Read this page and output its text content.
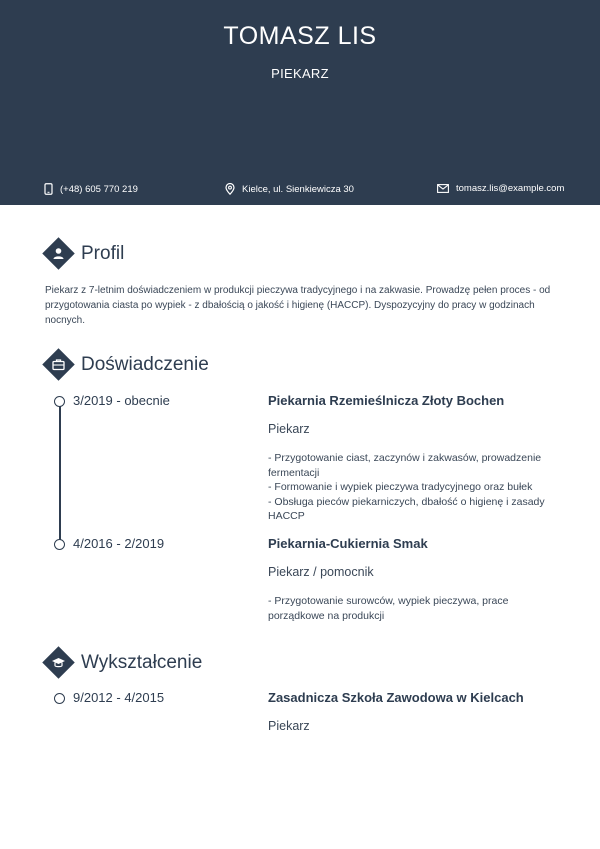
TOMASZ LIS
PIEKARZ
(+48) 605 770 219	Kielce, ul. Sienkiewicza 30	tomasz.lis@example.com
Profil
Piekarz z 7-letnim doświadczeniem w produkcji pieczywa tradycyjnego i na zakwasie. Prowadzę pełen proces - od przygotowania ciasta po wypiek - z dbałością o jakość i higienę (HACCP). Dyspozycyjny do pracy w godzinach nocnych.
Doświadczenie
3/2019 - obecnie	Piekarnia Rzemieślnicza Złoty Bochen
Piekarz
- Przygotowanie ciast, zaczynów i zakwasów, prowadzenie fermentacji
- Formowanie i wypiek pieczywa tradycyjnego oraz bułek
- Obsługa pieców piekarniczych, dbałość o higienę i zasady HACCP
4/2016 - 2/2019	Piekarnia-Cukiernia Smak
Piekarz / pomocnik
- Przygotowanie surowców, wypiek pieczywa, prace porządkowe na produkcji
Wykształcenie
9/2012 - 4/2015	Zasadnicza Szkoła Zawodowa w Kielcach
Piekarz
